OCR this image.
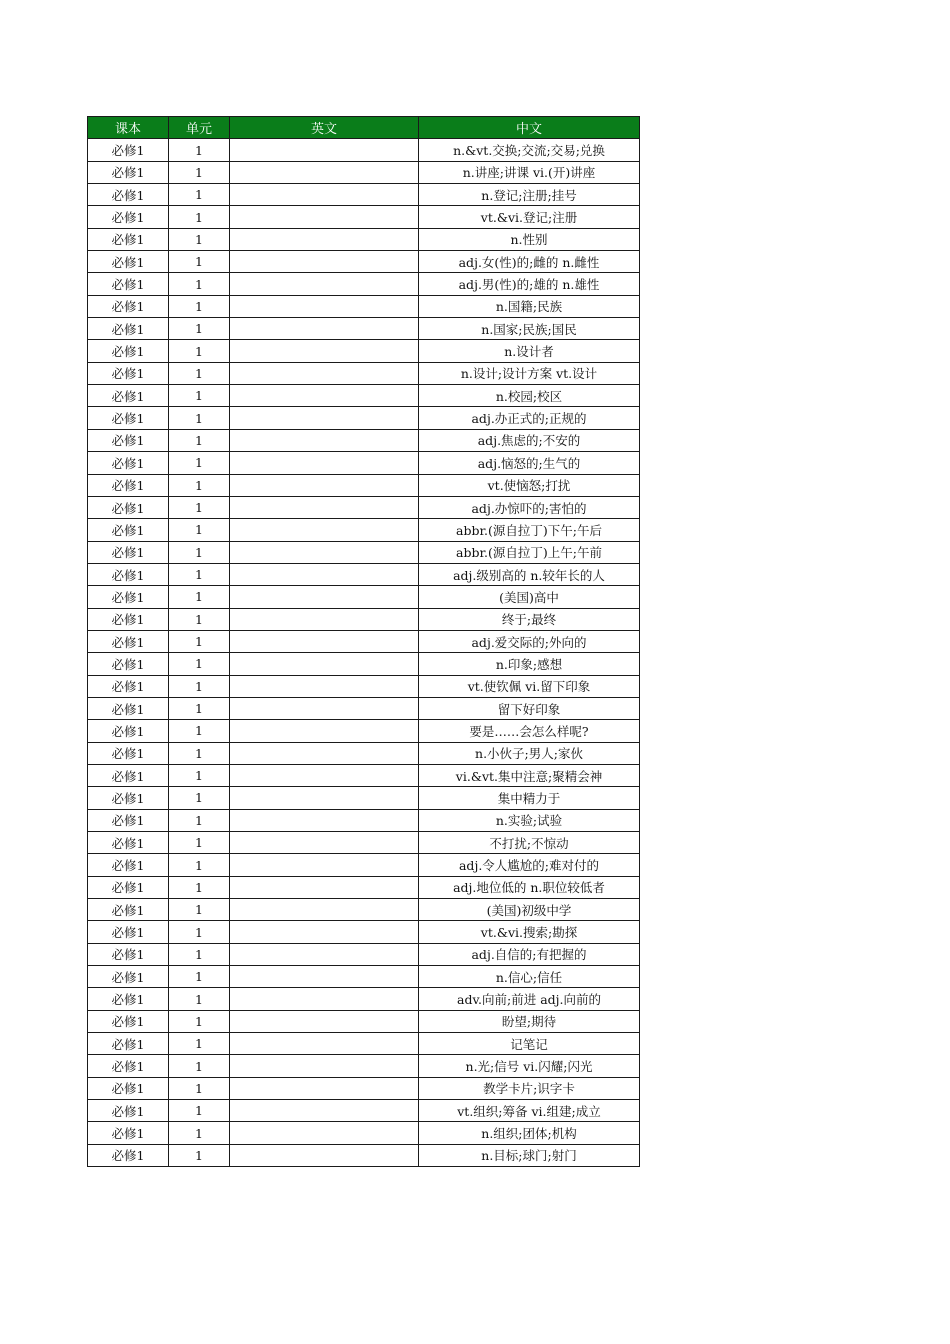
课本	单元	英文	中文
必修1	1		n.&vt.交换;交流;交易;兑换
必修1	1		n.讲座;讲课 vi.(开)讲座
必修1	1		n.登记;注册;挂号
必修1	1		vt.&vi.登记;注册
必修1	1		n.性别
必修1	1		adj.女(性)的;雌的 n.雌性
必修1	1		adj.男(性)的;雄的 n.雄性
必修1	1		n.国籍;民族
必修1	1		n.国家;民族;国民
必修1	1		n.设计者
必修1	1		n.设计;设计方案 vt.设计
必修1	1		n.校园;校区
必修1	1		adj.办正式的;正规的
必修1	1		adj.焦虑的;不安的
必修1	1		adj.恼怒的;生气的
必修1	1		vt.使恼怒;打扰
必修1	1		adj.办惊吓的;害怕的
必修1	1		abbr.(源自拉丁)下午;午后
必修1	1		abbr.(源自拉丁)上午;午前
必修1	1		adj.级别高的 n.较年长的人
必修1	1		(美国)高中
必修1	1		终于;最终
必修1	1		adj.爱交际的;外向的
必修1	1		n.印象;感想
必修1	1		vt.使钦佩 vi.留下印象
必修1	1		留下好印象
必修1	1		要是……会怎么样呢?
必修1	1		n.小伙子;男人;家伙
必修1	1		vi.&vt.集中注意;聚精会神
必修1	1		集中精力于
必修1	1		n.实验;试验
必修1	1		不打扰;不惊动
必修1	1		adj.令人尴尬的;难对付的
必修1	1		adj.地位低的 n.职位较低者
必修1	1		(美国)初级中学
必修1	1		vt.&vi.搜索;勘探
必修1	1		adj.自信的;有把握的
必修1	1		n.信心;信任
必修1	1		adv.向前;前进 adj.向前的
必修1	1		盼望;期待
必修1	1		记笔记
必修1	1		n.光;信号 vi.闪耀;闪光
必修1	1		教学卡片;识字卡
必修1	1		vt.组织;筹备 vi.组建;成立
必修1	1		n.组织;团体;机构
必修1	1		n.目标;球门;射门
